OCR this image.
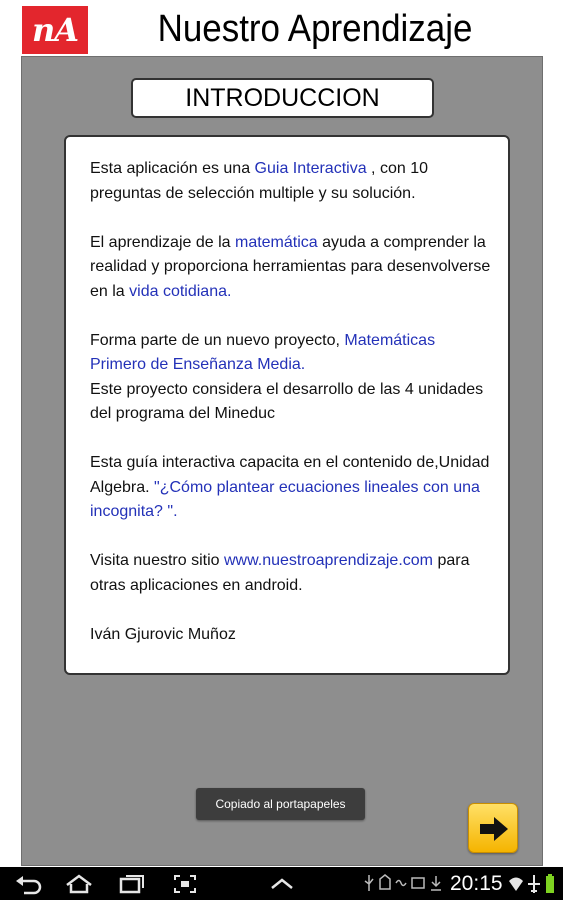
nA	Nuestro Aprendizaje
INTRODUCCION

Esta aplicación es una Guia Interactiva , con 10 preguntas de selección multiple y su solución.

El aprendizaje de la matemática ayuda a comprender la realidad y proporciona herramientas para desenvolverse en la vida cotidiana.

Forma parte de un nuevo proyecto, Matemáticas Primero de Enseñanza Media.
Este proyecto considera el desarrollo de las 4 unidades del programa del Mineduc

Esta guía interactiva capacita en el contenido de,Unidad Algebra. "¿Cómo plantear ecuaciones lineales con una incognita? ".

Visita nuestro sitio www.nuestroaprendizaje.com para otras aplicaciones en android.

Iván Gjurovic Muñoz

Copiado al portapapeles
20:15
